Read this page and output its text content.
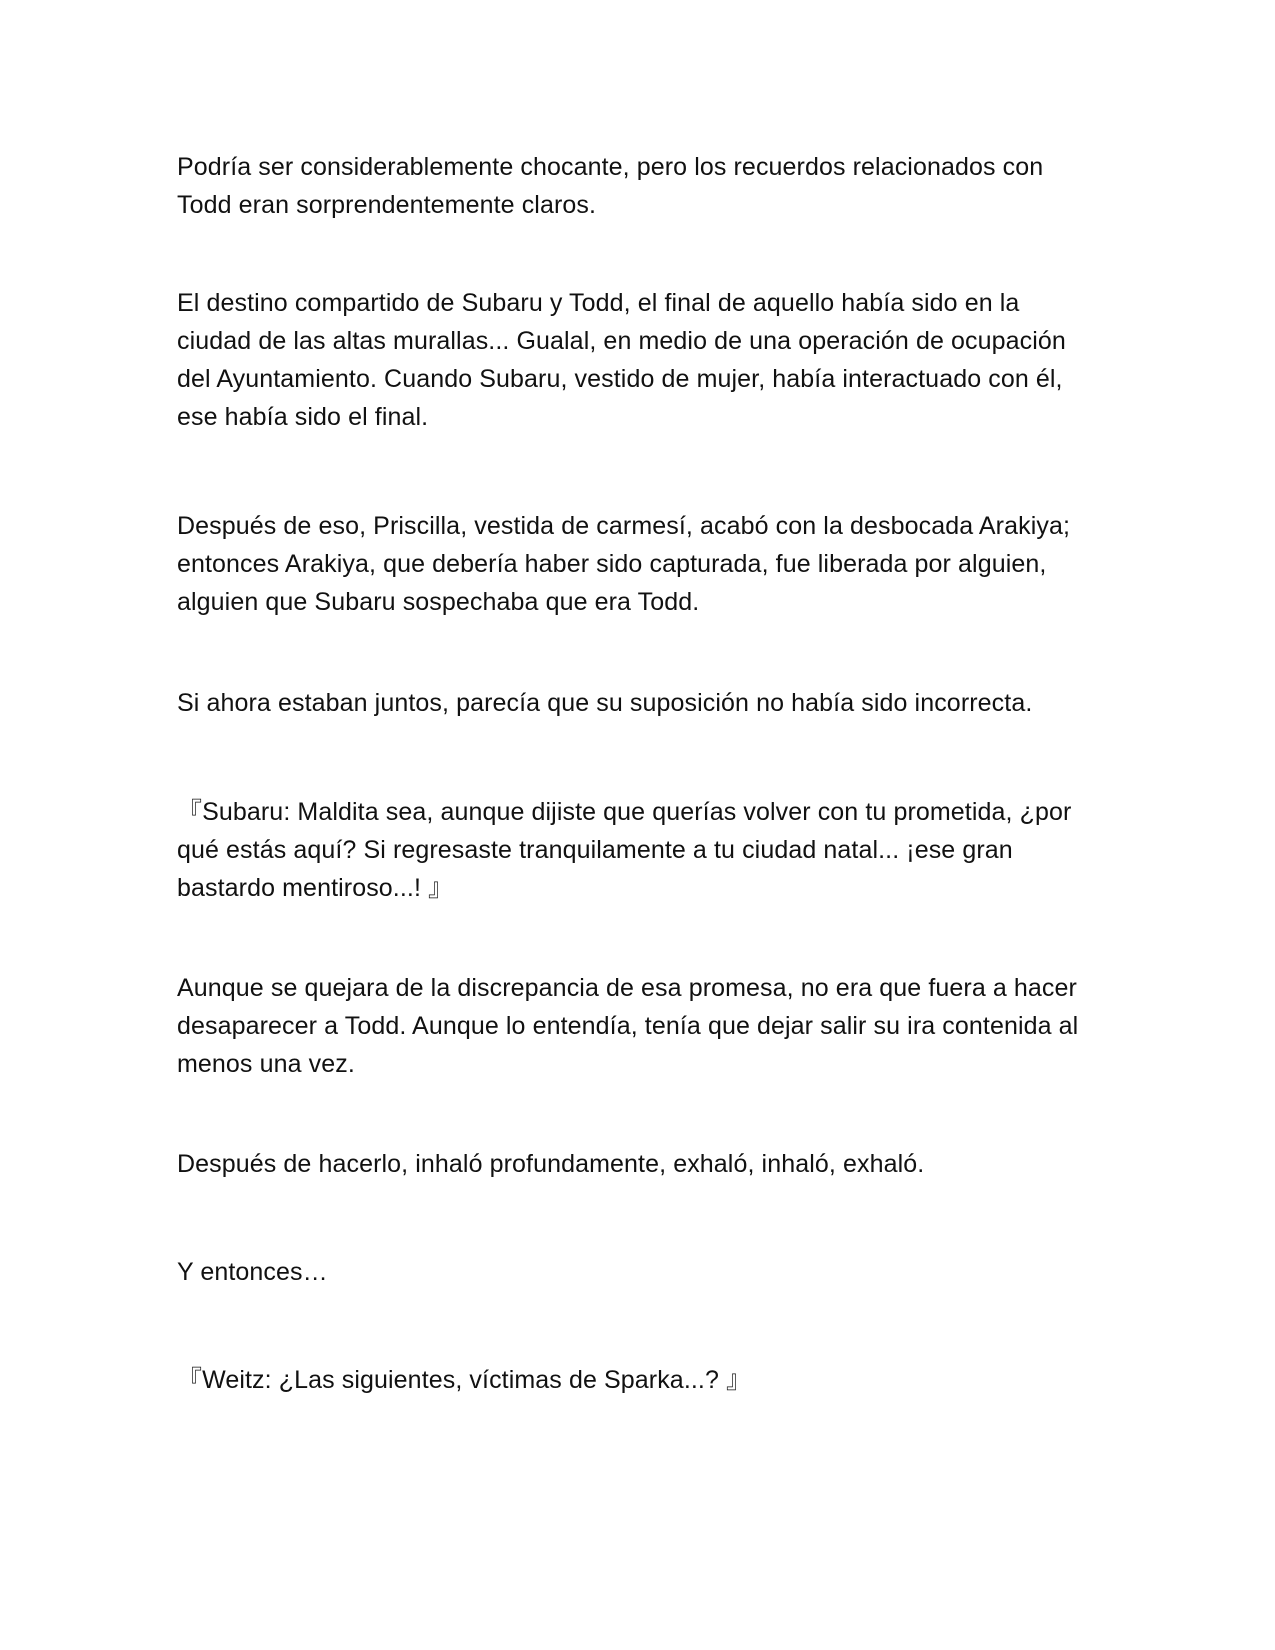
Podría ser considerablemente chocante, pero los recuerdos relacionados con Todd eran sorprendentemente claros.

El destino compartido de Subaru y Todd, el final de aquello había sido en la ciudad de las altas murallas... Gualal, en medio de una operación de ocupación del Ayuntamiento. Cuando Subaru, vestido de mujer, había interactuado con él, ese había sido el final.

Después de eso, Priscilla, vestida de carmesí, acabó con la desbocada Arakiya; entonces Arakiya, que debería haber sido capturada, fue liberada por alguien, alguien que Subaru sospechaba que era Todd.

Si ahora estaban juntos, parecía que su suposición no había sido incorrecta.

『Subaru: Maldita sea, aunque dijiste que querías volver con tu prometida, ¿por qué estás aquí? Si regresaste tranquilamente a tu ciudad natal... ¡ese gran bastardo mentiroso...! 』

Aunque se quejara de la discrepancia de esa promesa, no era que fuera a hacer desaparecer a Todd. Aunque lo entendía, tenía que dejar salir su ira contenida al menos una vez.

Después de hacerlo, inhaló profundamente, exhaló, inhaló, exhaló.

Y entonces…

『Weitz: ¿Las siguientes, víctimas de Sparka...? 』
